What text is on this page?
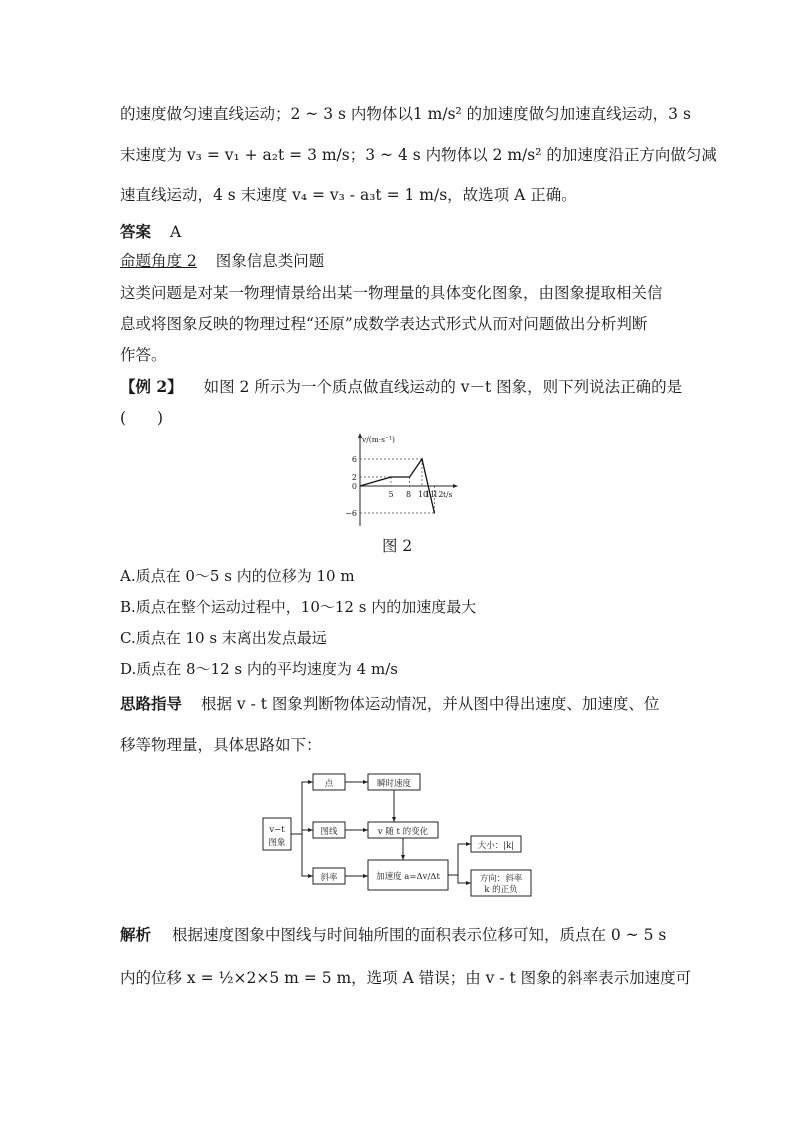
的速度做匀速直线运动；2 ~ 3 s 内物体以1 m/s² 的加速度做匀加速直线运动，3 s
末速度为 v₃ = v₁ + a₂t = 3 m/s；3 ~ 4 s 内物体以 2 m/s² 的加速度沿正方向做匀减
速直线运动，4 s 末速度 v₄ = v₃ - a₃t = 1 m/s，故选项 A 正确。
答案 A
命题角度 2 图象信息类问题
这类问题是对某一物理情景给出某一物理量的具体变化图象，由图象提取相关信
息或将图象反映的物理过程“还原”成数学表达式形式从而对问题做出分析判断
作答。
【例 2】 如图 2 所示为一个质点做直线运动的 v－t 图象，则下列说法正确的是
(　　)
v/(m·s⁻¹)
t/s
6
2
0
−6
5 8 10
11
12
图 2
A.质点在 0～5 s 内的位移为 10 m
B.质点在整个运动过程中，10～12 s 内的加速度最大
C.质点在 10 s 末离出发点最远
D.质点在 8～12 s 内的平均速度为 4 m/s
思路指导 根据 v - t 图象判断物体运动情况，并从图中得出速度、加速度、位
移等物理量，具体思路如下：
v−t
图象
点
图线
斜率
瞬时速度
v 随 t 的变化
加速度 a=Δv/Δt
大小：|k|
方向：斜率
k 的正负
解析 根据速度图象中图线与时间轴所围的面积表示位移可知，质点在 0 ~ 5 s
内的位移 x = ½×2×5 m = 5 m，选项 A 错误；由 v - t 图象的斜率表示加速度可
